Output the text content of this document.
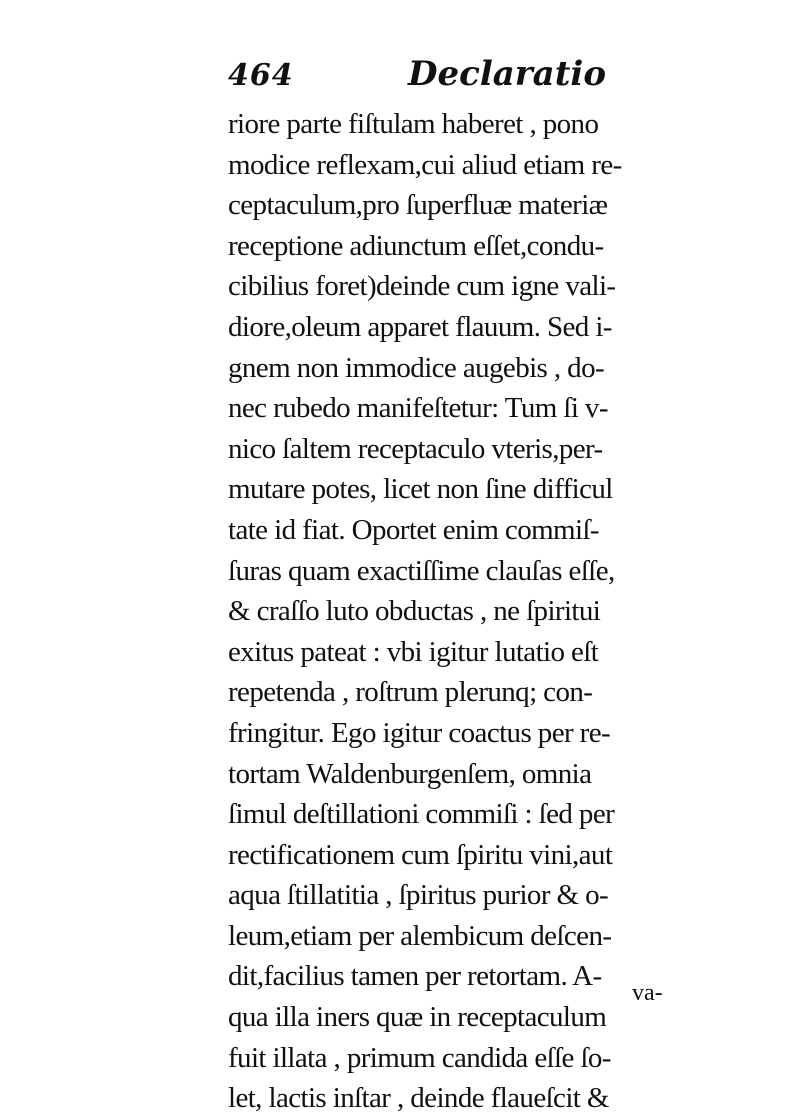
464	Declaratio
riore parte fiſtulam haberet , pono
modice reflexam,cui aliud etiam re-
ceptaculum,pro ſuperfluæ materiæ
receptione adiunctum eſſet,condu-
cibilius foret)deinde cum igne vali-
diore,oleum apparet flauum. Sed i-
gnem non immodice augebis , do-
nec rubedo manifeſtetur: Tum ſi v-
nico ſaltem receptaculo vteris,per-
mutare potes, licet non ſine difficul
tate id fiat. Oportet enim commiſ-
ſuras quam exactiſſime clauſas eſſe,
& craſſo luto obductas , ne ſpiritui
exitus pateat : vbi igitur lutatio eſt
repetenda , roſtrum plerunq; con-
fringitur. Ego igitur coactus per re-
tortam Waldenburgenſem, omnia
ſimul deſtillationi commiſi : ſed per
rectificationem cum ſpiritu vini,aut
aqua ſtillatitia , ſpiritus purior & o-
leum,etiam per alembicum deſcen-
dit,facilius tamen per retortam. A-
qua illa iners quæ in receptaculum
fuit illata , primum candida eſſe ſo-
let, lactis inſtar , deinde flaueſcit &
va-
